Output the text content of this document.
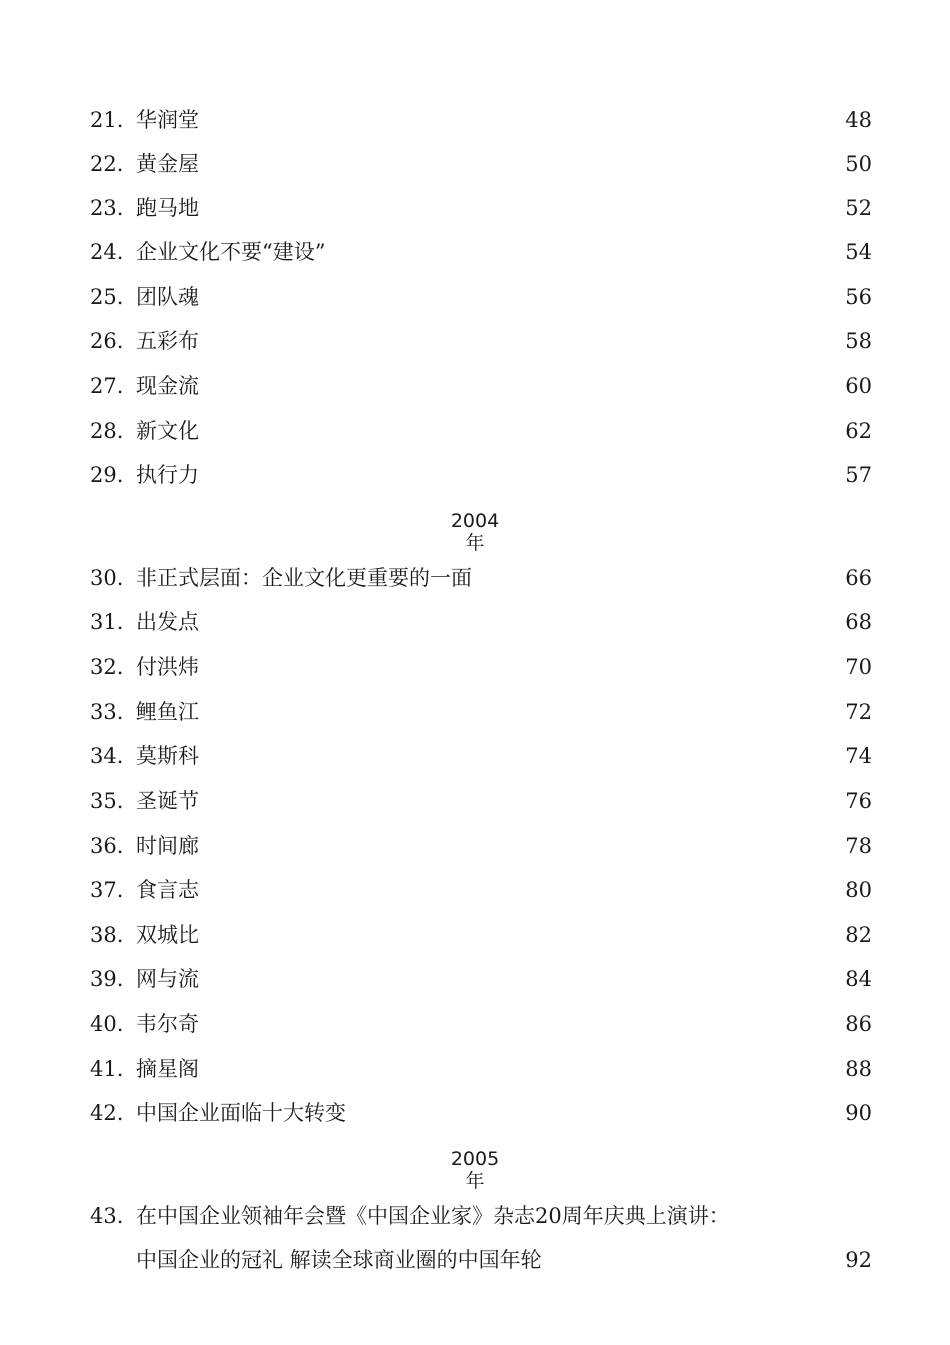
21. 华润堂	48
22. 黄金屋	50
23. 跑马地	52
24. 企业文化不要“建设”	54
25. 团队魂	56
26. 五彩布	58
27. 现金流	60
28. 新文化	62
29. 执行力	57
2004
年
30. 非正式层面：企业文化更重要的一面	66
31. 出发点	68
32. 付洪炜	70
33. 鲤鱼江	72
34. 莫斯科	74
35. 圣诞节	76
36. 时间廊	78
37. 食言志	80
38. 双城比	82
39. 网与流	84
40. 韦尔奇	86
41. 摘星阁	88
42. 中国企业面临十大转变	90
2005
年
43. 在中国企业领袖年会暨《中国企业家》杂志20周年庆典上演讲：
中国企业的冠礼 解读全球商业圈的中国年轮	92
